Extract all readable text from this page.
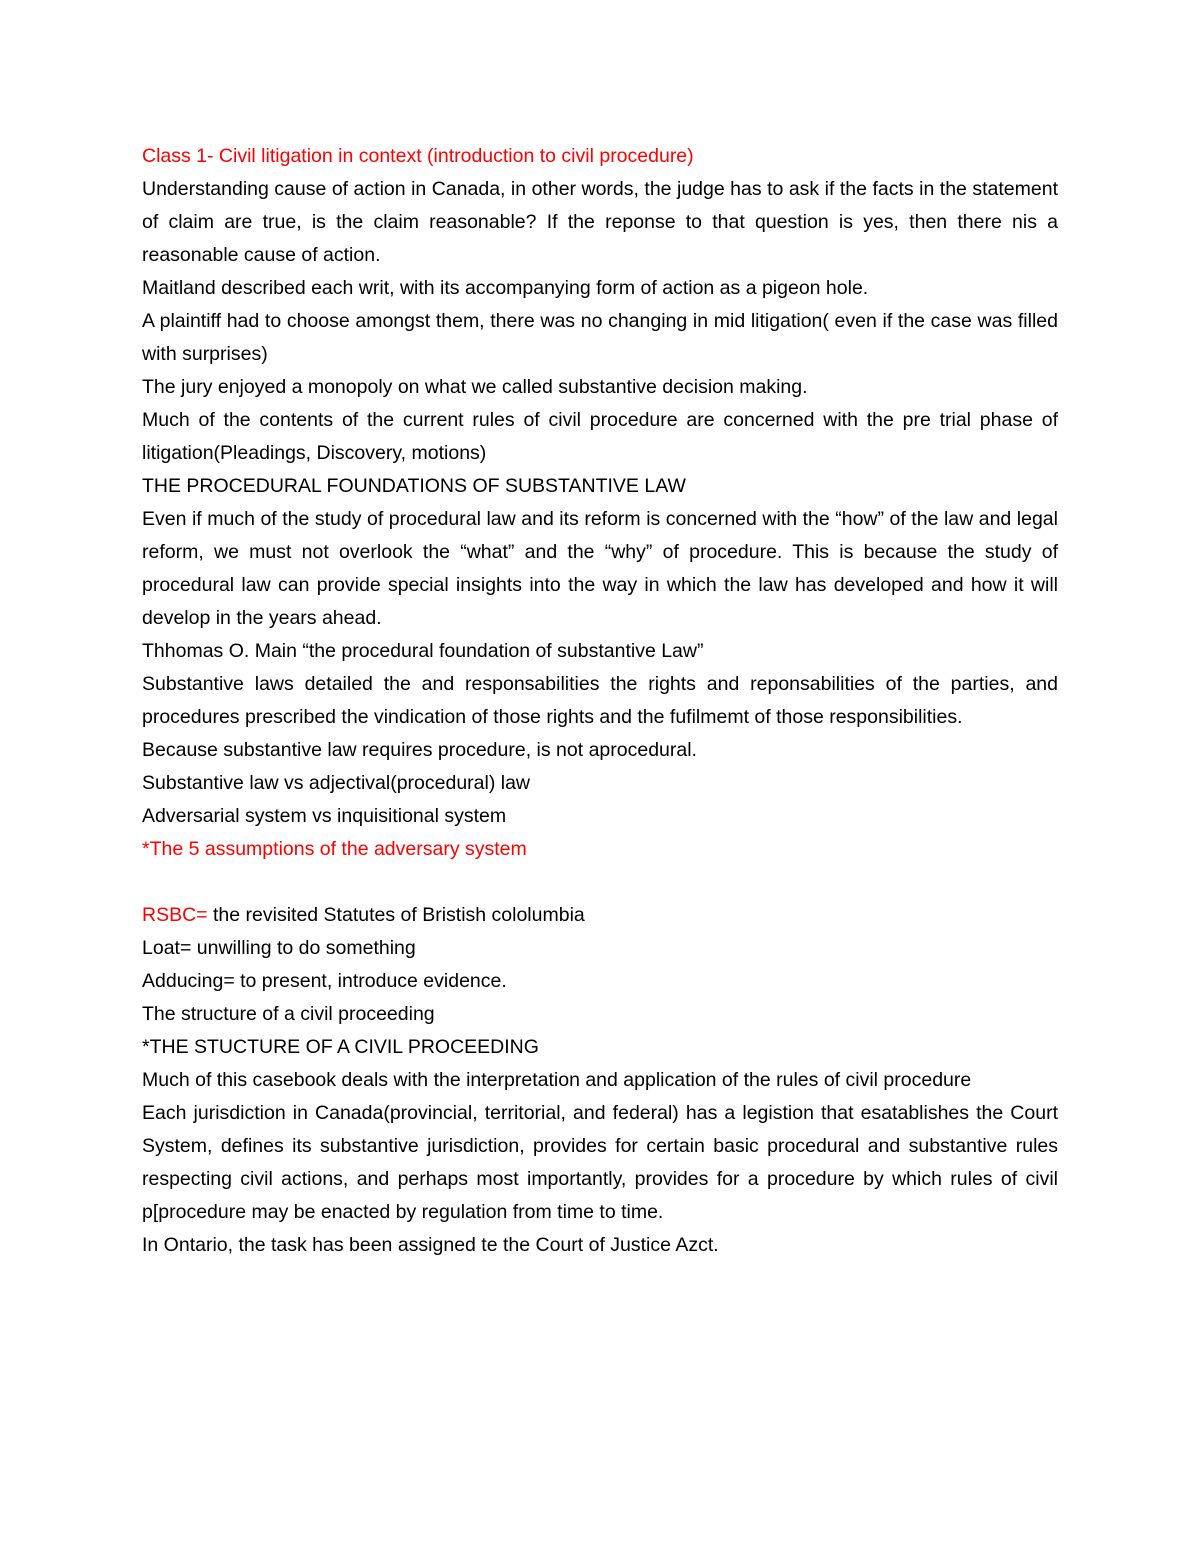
Class 1- Civil litigation in context (introduction to civil procedure)

Understanding cause of action in Canada, in other words, the judge has to ask if the facts in the statement of claim are true, is the claim reasonable? If the reponse to that question is yes, then there nis a reasonable cause of action.

Maitland described each writ, with its accompanying form of action as a pigeon hole.

A plaintiff had to choose amongst them, there was no changing in mid litigation( even if the case was filled with surprises)

The jury enjoyed a monopoly on what we called substantive decision making.

Much of the contents of the current rules of civil procedure are concerned with the pre trial phase of litigation(Pleadings, Discovery, motions)

THE PROCEDURAL FOUNDATIONS OF SUBSTANTIVE LAW

Even if much of the study of procedural law and its reform is concerned with the “how” of the law and legal reform, we must not overlook the “what” and the “why” of procedure. This is because the study of procedural law can provide special insights into the way in which the law has developed and how it will develop in the years ahead.

Thhomas O. Main “the procedural foundation of substantive Law”

Substantive laws detailed the and responsabilities the rights and reponsabilities of the parties, and procedures prescribed the vindication of those rights and the fufilmemt of those responsibilities.

Because substantive law requires procedure, is not aprocedural.

Substantive law vs adjectival(procedural) law

Adversarial system vs inquisitional system

*The 5 assumptions of the adversary system

RSBC= the revisited Statutes of Bristish cololumbia

Loat= unwilling to do something

Adducing= to present, introduce evidence.

The structure of a civil proceeding

*THE STUCTURE OF A CIVIL PROCEEDING

Much of this casebook deals with the interpretation and application of the rules of civil procedure

Each jurisdiction in Canada(provincial, territorial, and federal) has a legistion that esatablishes the Court System, defines its substantive jurisdiction, provides for certain basic procedural and substantive rules respecting civil actions, and perhaps most importantly, provides for a procedure by which rules of civil p[procedure may be enacted by regulation from time to time.

In Ontario, the task has been assigned te the Court of Justice Azct.
